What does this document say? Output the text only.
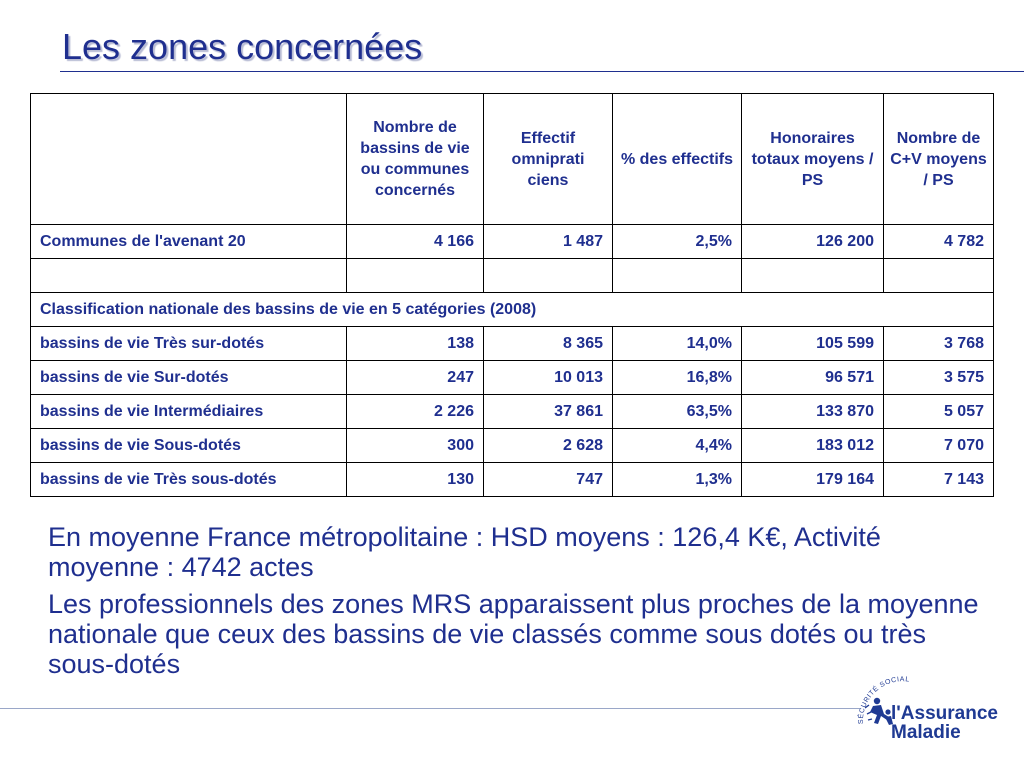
Les zones concernées
	Nombre de bassins de vie ou communes concernés	Effectif omniprati ciens	% des effectifs	Honoraires totaux moyens / PS	Nombre de C+V moyens / PS
Communes de l'avenant 20	4 166	1 487	2,5%	126 200	4 782

Classification nationale des bassins de vie en 5 catégories (2008)					
bassins de vie Très sur-dotés	138	8 365	14,0%	105 599	3 768
bassins de vie Sur-dotés	247	10 013	16,8%	96 571	3 575
bassins de vie Intermédiaires	2 226	37 861	63,5%	133 870	5 057
bassins de vie Sous-dotés	300	2 628	4,4%	183 012	7 070
bassins de vie Très sous-dotés	130	747	1,3%	179 164	7 143

En moyenne France métropolitaine : HSD moyens : 126,4 K€, Activité moyenne : 4742 actes

Les professionnels des zones MRS apparaissent plus proches de la moyenne nationale que ceux des bassins de vie classés comme sous dotés ou très sous-dotés

SÉCURITÉ SOCIAL
l'Assurance
Maladie
